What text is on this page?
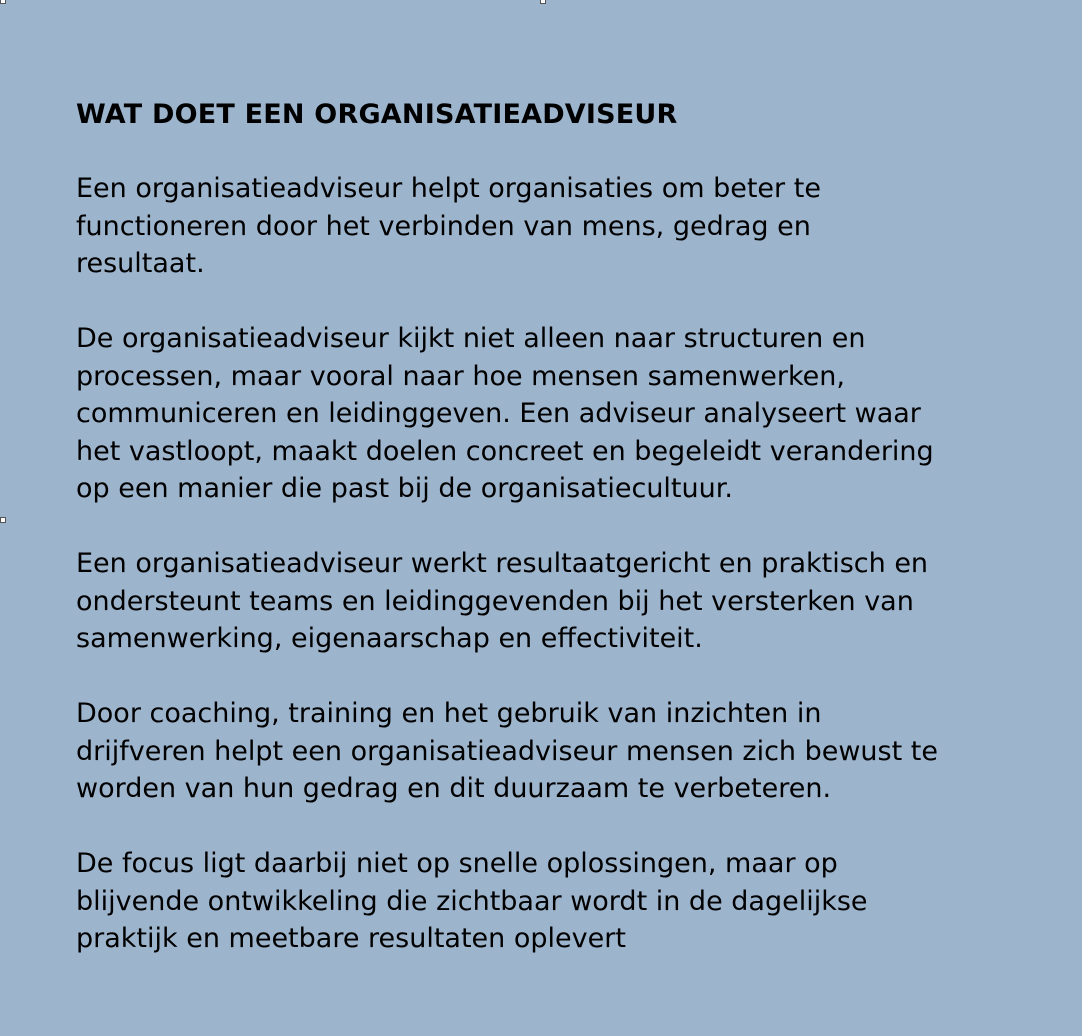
WAT DOET EEN ORGANISATIEADVISEUR
Een organisatieadviseur helpt organisaties om beter te
functioneren door het verbinden van mens, gedrag en
resultaat.
De organisatieadviseur kijkt niet alleen naar structuren en
processen, maar vooral naar hoe mensen samenwerken,
communiceren en leidinggeven. Een adviseur analyseert waar
het vastloopt, maakt doelen concreet en begeleidt verandering
op een manier die past bij de organisatiecultuur.
Een organisatieadviseur werkt resultaatgericht en praktisch en
ondersteunt teams en leidinggevenden bij het versterken van
samenwerking, eigenaarschap en effectiviteit.
Door coaching, training en het gebruik van inzichten in
drijfveren helpt een organisatieadviseur mensen zich bewust te
worden van hun gedrag en dit duurzaam te verbeteren.
De focus ligt daarbij niet op snelle oplossingen, maar op
blijvende ontwikkeling die zichtbaar wordt in de dagelijkse
praktijk en meetbare resultaten oplevert
